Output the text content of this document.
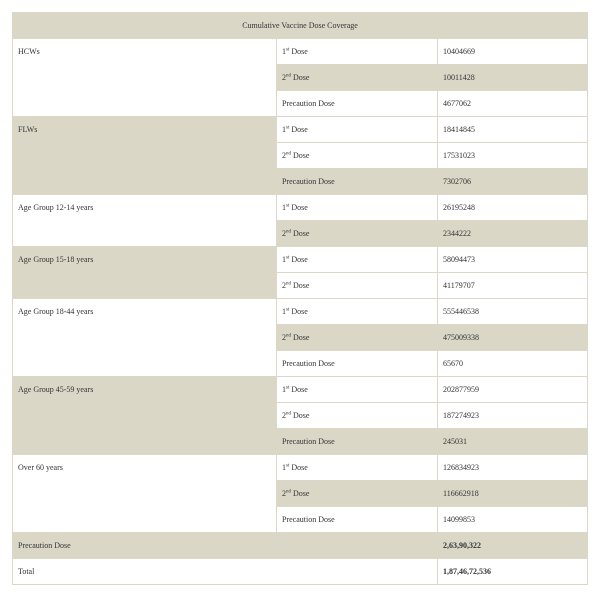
Cumulative Vaccine Dose Coverage		
HCWs	1st Dose	10404669
	2nd Dose	10011428
	Precaution Dose	4677062
FLWs	1st Dose	18414845
	2nd Dose	17531023
	Precaution Dose	7302706
Age Group 12-14 years	1st Dose	26195248
	2nd Dose	2344222
Age Group 15-18 years	1st Dose	58094473
	2nd Dose	41179707
Age Group 18-44 years	1st Dose	555446538
	2nd Dose	475009338
	Precaution Dose	65670
Age Group 45-59 years	1st Dose	202877959
	2nd Dose	187274923
	Precaution Dose	245031
Over 60 years	1st Dose	126834923
	2nd Dose	116662918
	Precaution Dose	14099853
Precaution Dose		2,63,90,322
Total		1,87,46,72,536
